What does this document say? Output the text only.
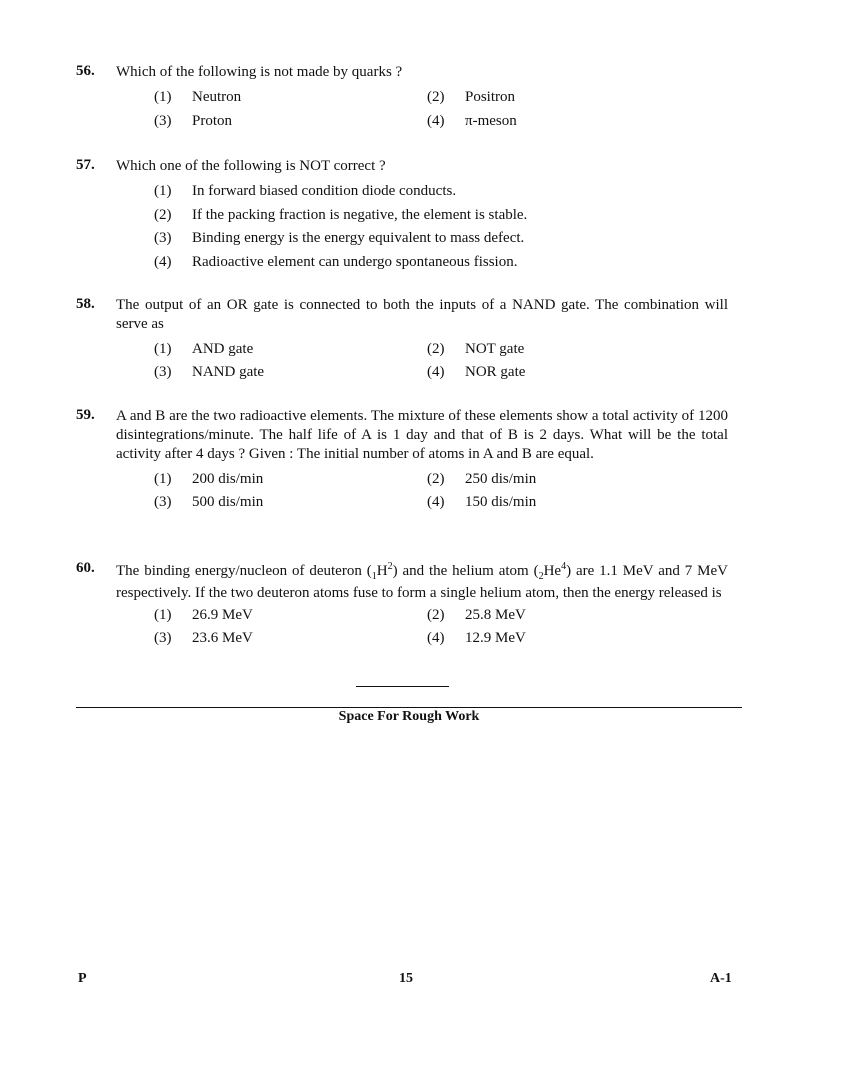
56. Which of the following is not made by quarks ?
(1) Neutron	(2) Positron
(3) Proton	(4) π-meson
57. Which one of the following is NOT correct ?
(1) In forward biased condition diode conducts.
(2) If the packing fraction is negative, the element is stable.
(3) Binding energy is the energy equivalent to mass defect.
(4) Radioactive element can undergo spontaneous fission.
58. The output of an OR gate is connected to both the inputs of a NAND gate. The combination will serve as
(1) AND gate	(2) NOT gate
(3) NAND gate	(4) NOR gate
59. A and B are the two radioactive elements. The mixture of these elements show a total activity of 1200 disintegrations/minute. The half life of A is 1 day and that of B is 2 days. What will be the total activity after 4 days ? Given : The initial number of atoms in A and B are equal.
(1) 200 dis/min	(2) 250 dis/min
(3) 500 dis/min	(4) 150 dis/min
60. The binding energy/nucleon of deuteron $(_1H^2)$ and the helium atom $(_2He^4)$ are 1.1 MeV and 7 MeV respectively. If the two deuteron atoms fuse to form a single helium atom, then the energy released is
(1) 26.9 MeV	(2) 25.8 MeV
(3) 23.6 MeV	(4) 12.9 MeV
Space For Rough Work
P	15	A-1
